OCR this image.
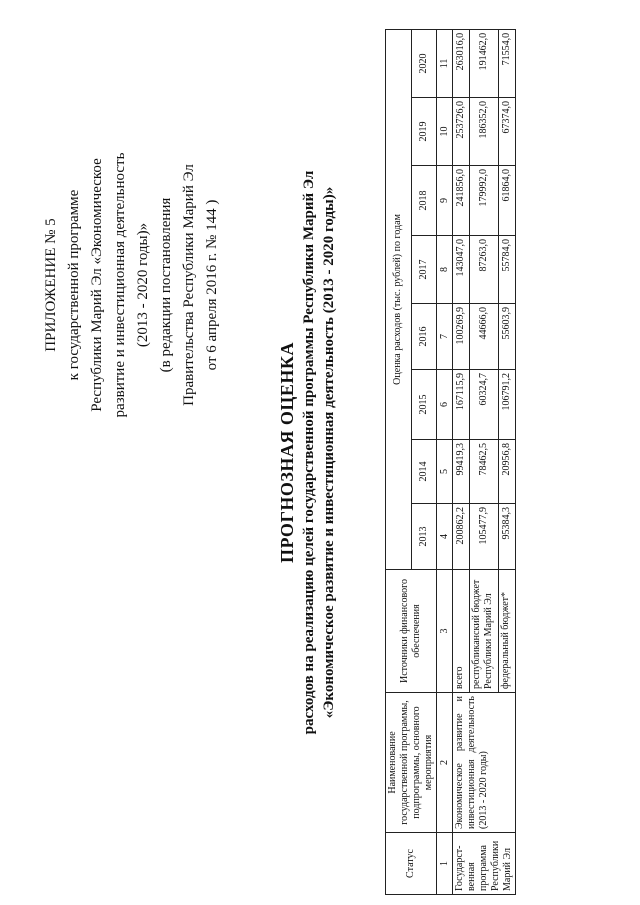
ПРИЛОЖЕНИЕ № 5 к государственной программе Республики Марий Эл «Экономическое развитие и инвестиционная деятельность (2013 - 2020 годы)» (в редакции постановления Правительства Республики Марий Эл от 6 апреля 2016 г. № 144 )
ПРОГНОЗНАЯ ОЦЕНКА расходов на реализацию целей государственной программы Республики Марий Эл «Экономическое развитие и инвестиционная деятельность (2013 - 2020 годы)»
Статус	Наименование государственной программы, подпрограммы, основного мероприятия	Источники финансового обеспечения	Оценка расходов (тыс. рублей) по годам							
			2013	2014	2015	2016	2017	2018	2019	2020
1	2	3	4	5	6	7	8	9	10	11
Государст-венная программа Республики Марий Эл	Экономическое развитие и инвестиционная деятельность (2013 - 2020 годы)	всего	200862,2	99419,3	167115,9	100269,9	143047,0	241856,0	253726,0	263016,0
		республиканский бюджет Республики Марий Эл	105477,9	78462,5	60324,7	44666,0	87263,0	179992,0	186352,0	191462,0
		федеральный бюджет*	95384,3	20956,8	106791,2	55603,9	55784,0	61864,0	67374,0	71554,0
